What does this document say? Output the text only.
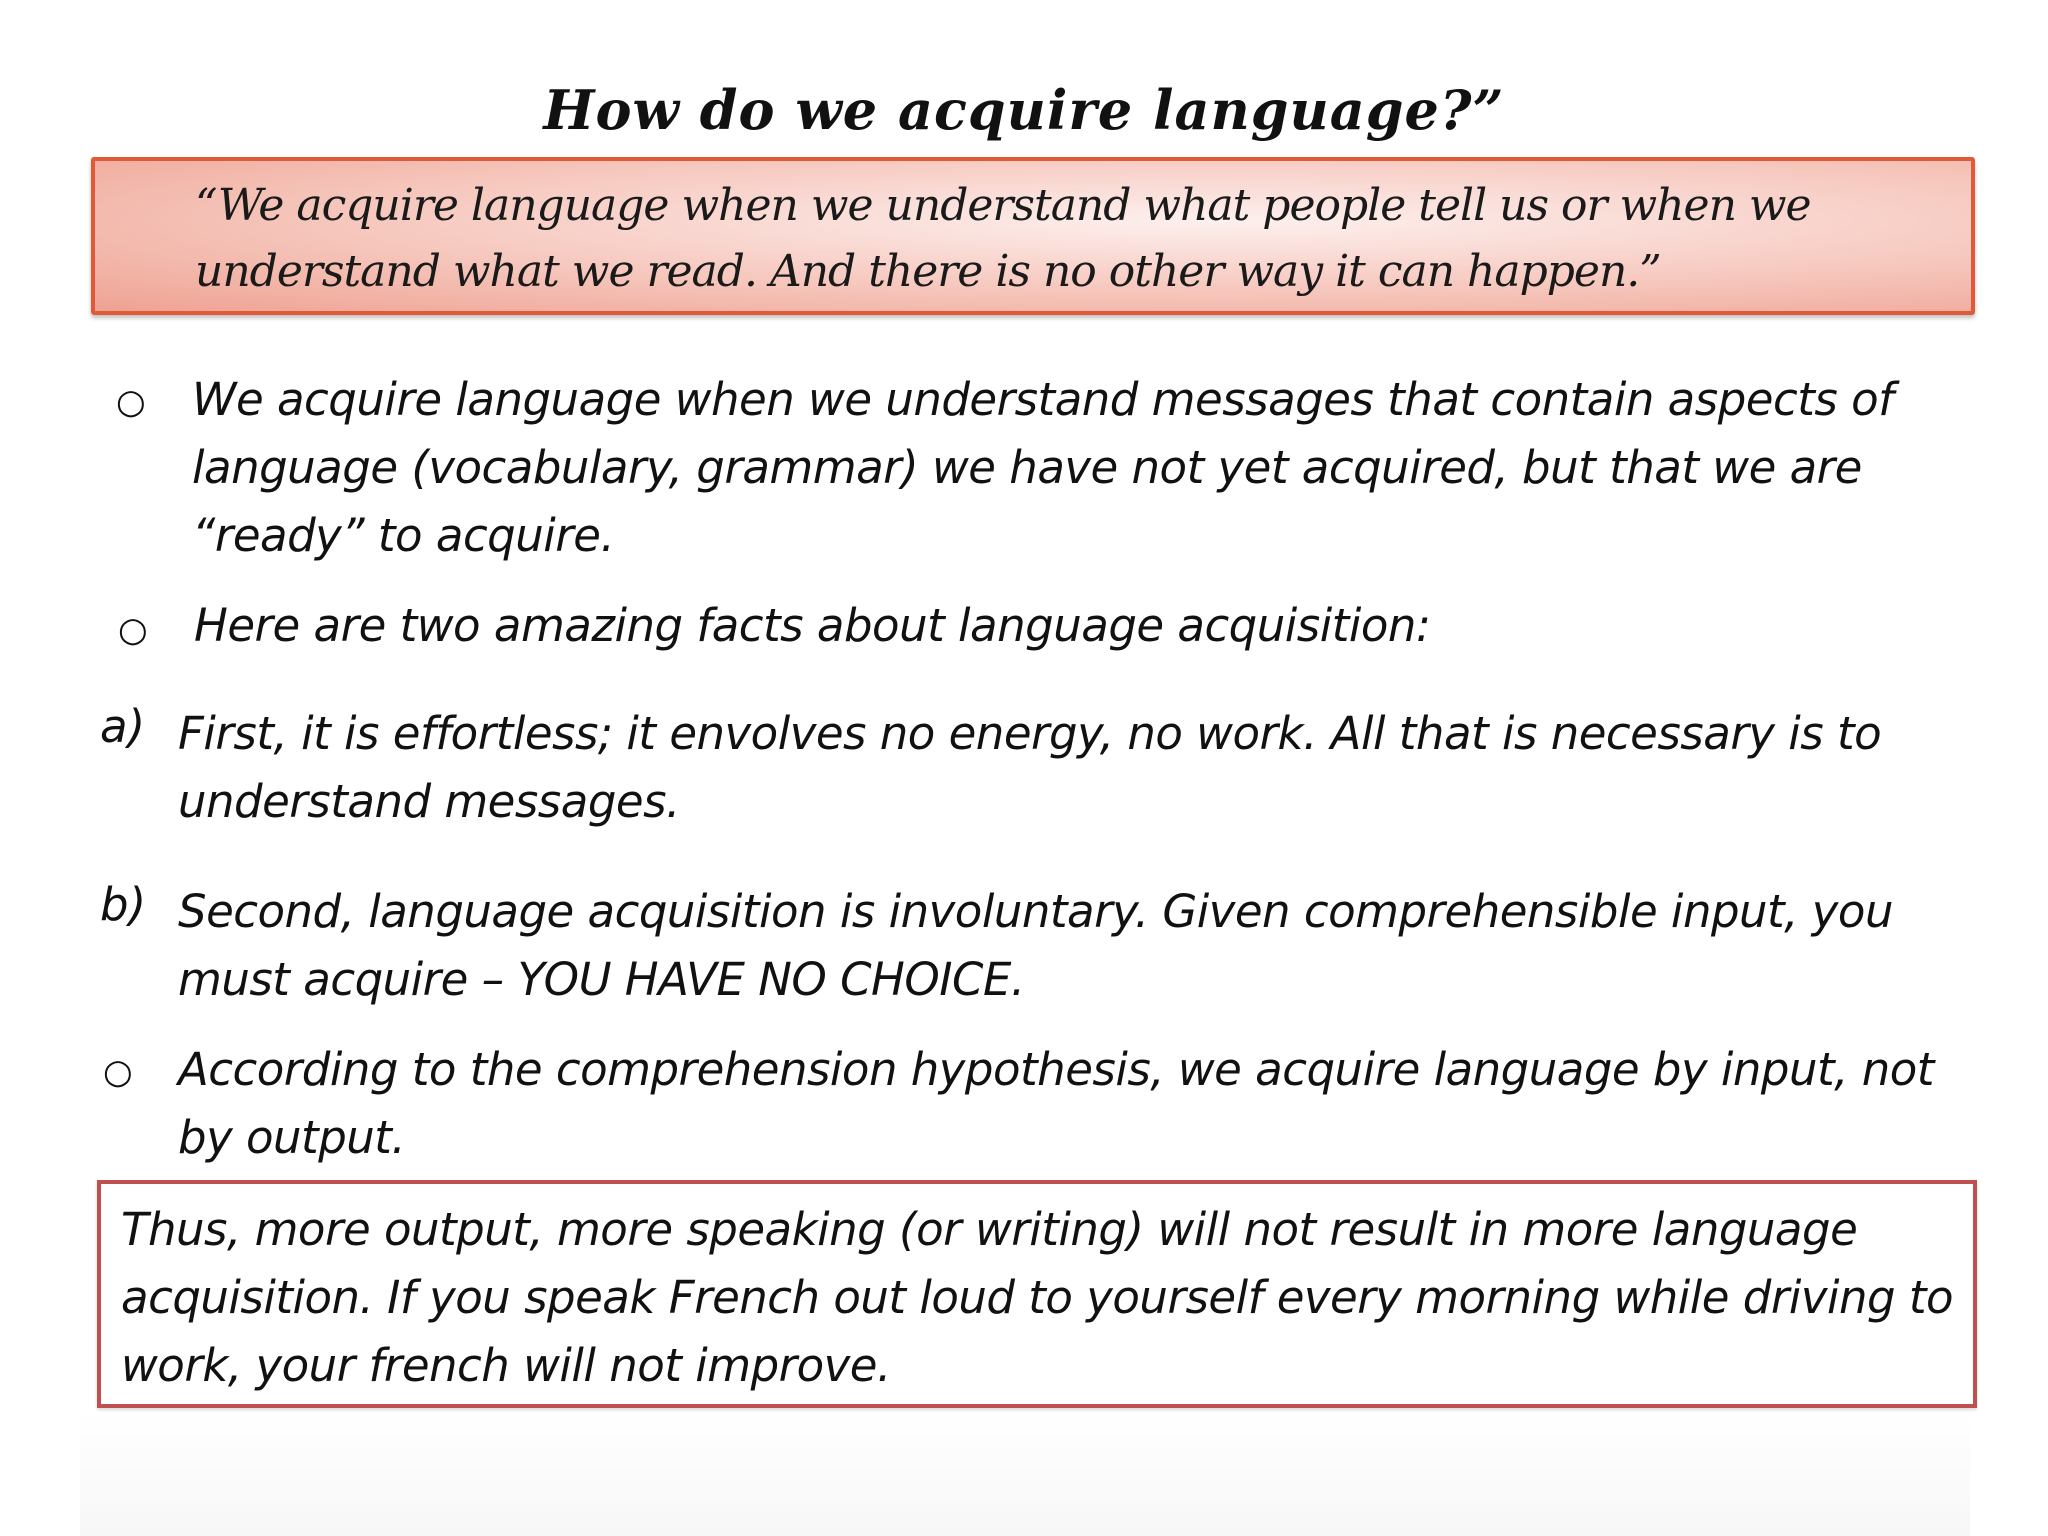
How do we acquire language?”
“We acquire language when we understand what people tell us or when we understand what we read. And there is no other way it can happen.”
○ We acquire language when we understand messages that contain aspects of language (vocabulary, grammar) we have not yet acquired, but that we are “ready” to acquire.
○ Here are two amazing facts about language acquisition:
a) First, it is effortless; it envolves no energy, no work. All that is necessary is to understand messages.
b) Second, language acquisition is involuntary. Given comprehensible input, you must acquire – YOU HAVE NO CHOICE.
○ According to the comprehension hypothesis, we acquire language by input, not by output.
Thus, more output, more speaking (or writing) will not result in more language acquisition. If you speak French out loud to yourself every morning while driving to work, your french will not improve.
